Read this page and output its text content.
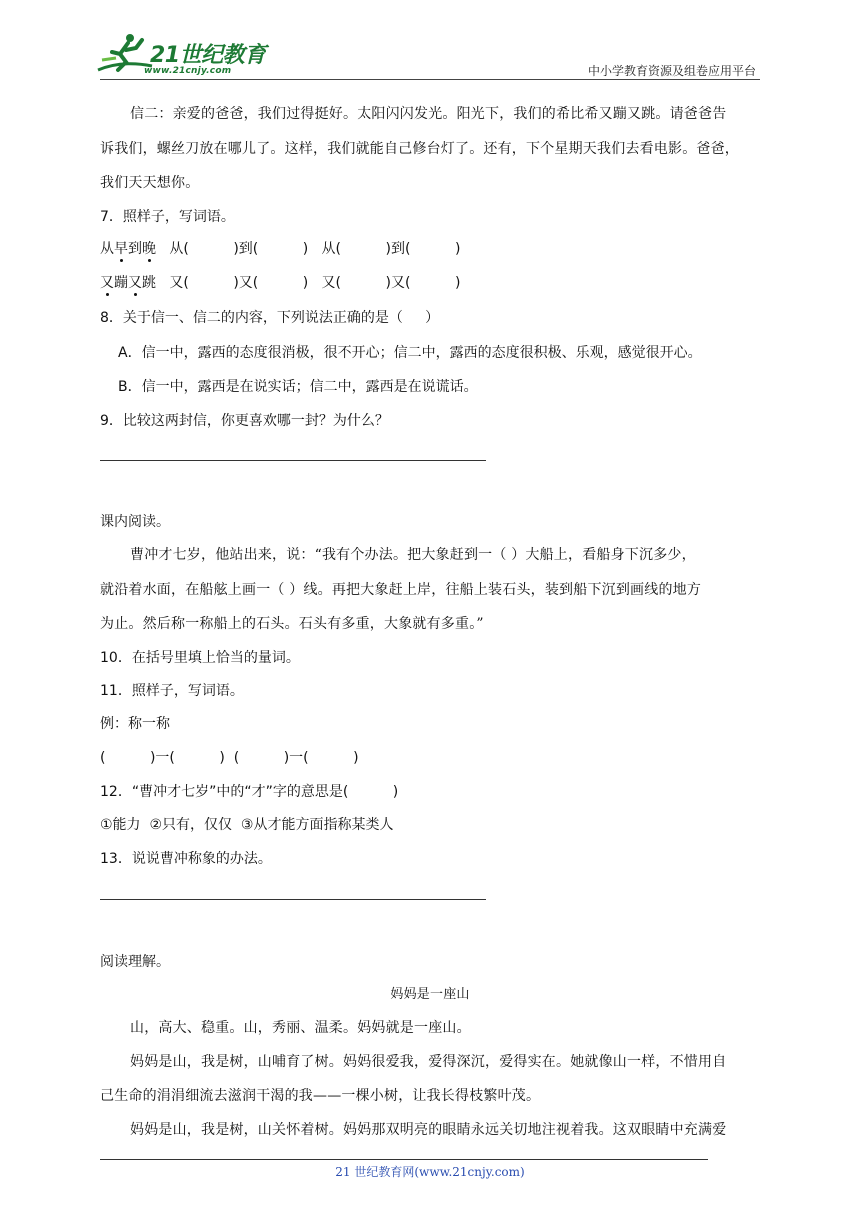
21世纪教育
www.21cnjy.com	中小学教育资源及组卷应用平台
信二：亲爱的爸爸，我们过得挺好。太阳闪闪发光。阳光下，我们的希比希又蹦又跳。请爸爸告
诉我们，螺丝刀放在哪儿了。这样，我们就能自己修台灯了。还有，下个星期天我们去看电影。爸爸，
我们天天想你。
7．照样子，写词语。
从早到晚 从(          )到(          )   从(          )到(          )
又蹦又跳 又(          )又(          )   又(          )又(          )
8．关于信一、信二的内容，下列说法正确的是（     ）
A．信一中，露西的态度很消极，很不开心；信二中，露西的态度很积极、乐观，感觉很开心。
B．信一中，露西是在说实话；信二中，露西是在说谎话。
9．比较这两封信，你更喜欢哪一封？为什么？
课内阅读。
曹冲才七岁，他站出来，说：“我有个办法。把大象赶到一（ ）大船上，看船身下沉多少，
就沿着水面，在船舷上画一（ ）线。再把大象赶上岸，往船上装石头，装到船下沉到画线的地方
为止。然后称一称船上的石头。石头有多重，大象就有多重。”
10．在括号里填上恰当的量词。
11．照样子，写词语。
例：称一称
(          )一(          )  (          )一(          )
12．“曹冲才七岁”中的“才”字的意思是(          )
①能力  ②只有，仅仅  ③从才能方面指称某类人
13．说说曹冲称象的办法。
阅读理解。
妈妈是一座山
山，高大、稳重。山，秀丽、温柔。妈妈就是一座山。
妈妈是山，我是树，山哺育了树。妈妈很爱我，爱得深沉，爱得实在。她就像山一样，不惜用自
己生命的涓涓细流去滋润干渴的我——一棵小树，让我长得枝繁叶茂。
妈妈是山，我是树，山关怀着树。妈妈那双明亮的眼睛永远关切地注视着我。这双眼睛中充满爱
21 世纪教育网(www.21cnjy.com)
